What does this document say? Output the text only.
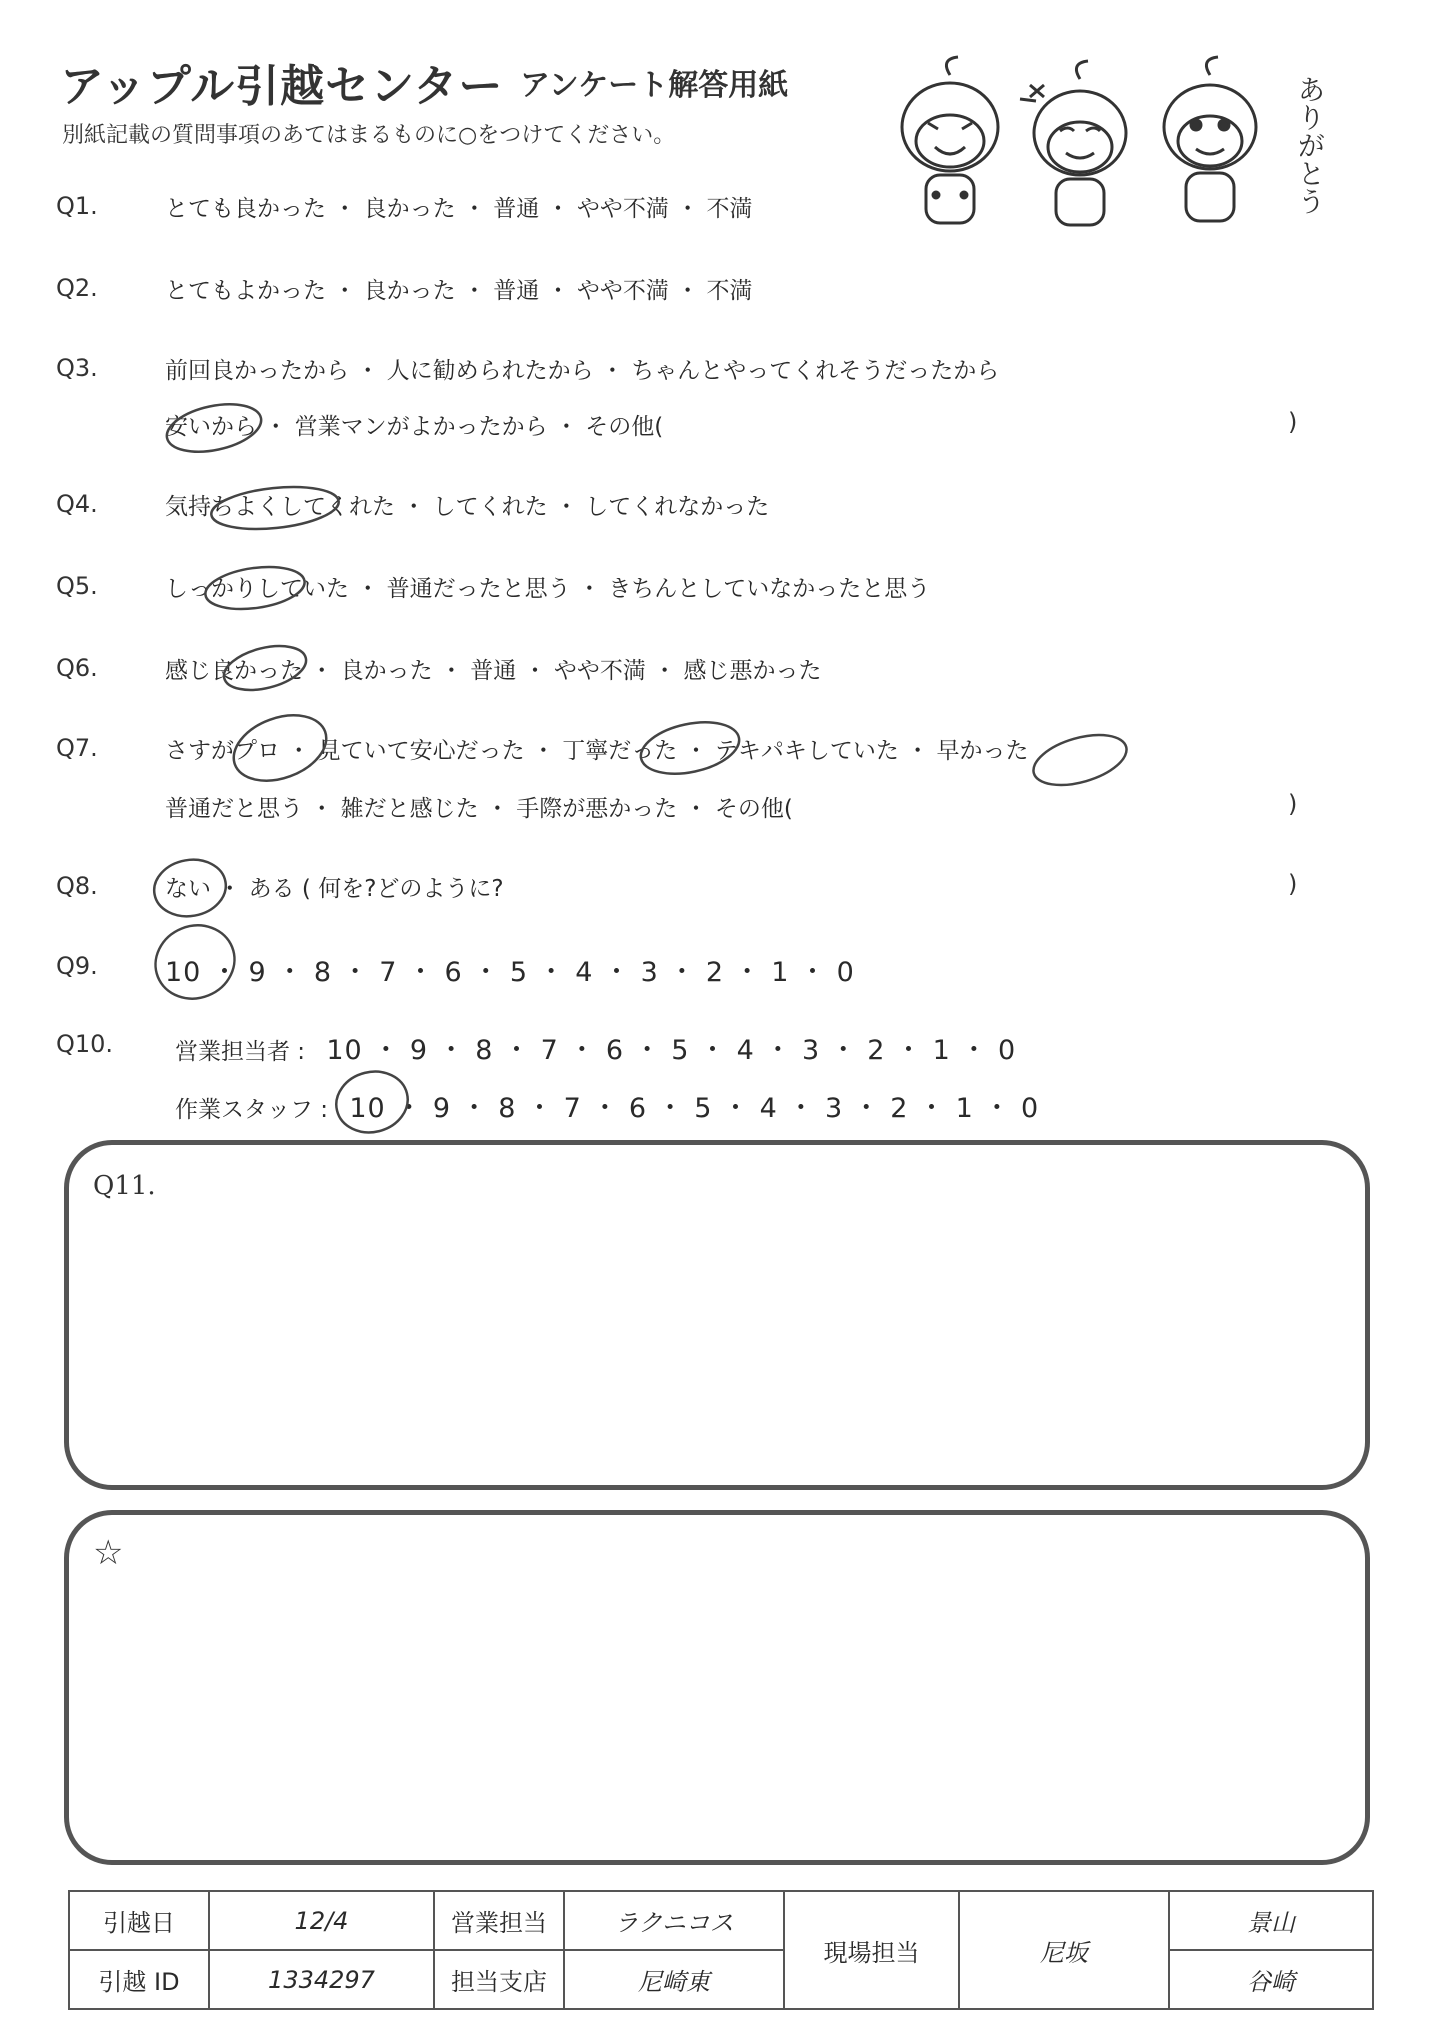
アップル引越センター アンケート解答用紙
別紙記載の質問事項のあてはまるものに○をつけてください。	ありがとう
Q1.	とても良かった ・ 良かった ・ 普通 ・ やや不満 ・ 不満
Q2.	とてもよかった ・ 良かった ・ 普通 ・ やや不満 ・ 不満
Q3.	前回良かったから ・ 人に勧められたから ・ ちゃんとやってくれそうだったから
安いから ・ 営業マンがよかったから ・ その他(	)
Q4.	気持ちよくしてくれた ・ してくれた ・ してくれなかった
Q5.	しっかりしていた ・ 普通だったと思う ・ きちんとしていなかったと思う
Q6.	感じ良かった ・ 良かった ・ 普通 ・ やや不満 ・ 感じ悪かった
Q7.	さすがプロ ・ 見ていて安心だった ・ 丁寧だった ・ テキパキしていた ・ 早かった
普通だと思う ・ 雑だと感じた ・ 手際が悪かった ・ その他(	)
Q8.	ない ・ ある ( 何を?どのように?	)
Q9. 10 ・ 9 ・ 8 ・ 7 ・ 6 ・ 5 ・ 4 ・ 3 ・ 2 ・ 1 ・ 0
Q10.	営業担当者 : 10 ・ 9 ・ 8 ・ 7 ・ 6 ・ 5 ・ 4 ・ 3 ・ 2 ・ 1 ・ 0
作業スタッフ : 10 ・ 9 ・ 8 ・ 7 ・ 6 ・ 5 ・ 4 ・ 3 ・ 2 ・ 1 ・ 0
Q11.
☆
引越日	12/4	営業担当	ラクニコス	現場担当	尼坂	景山
引越 ID	1334297	担当支店	尼崎東			谷崎
